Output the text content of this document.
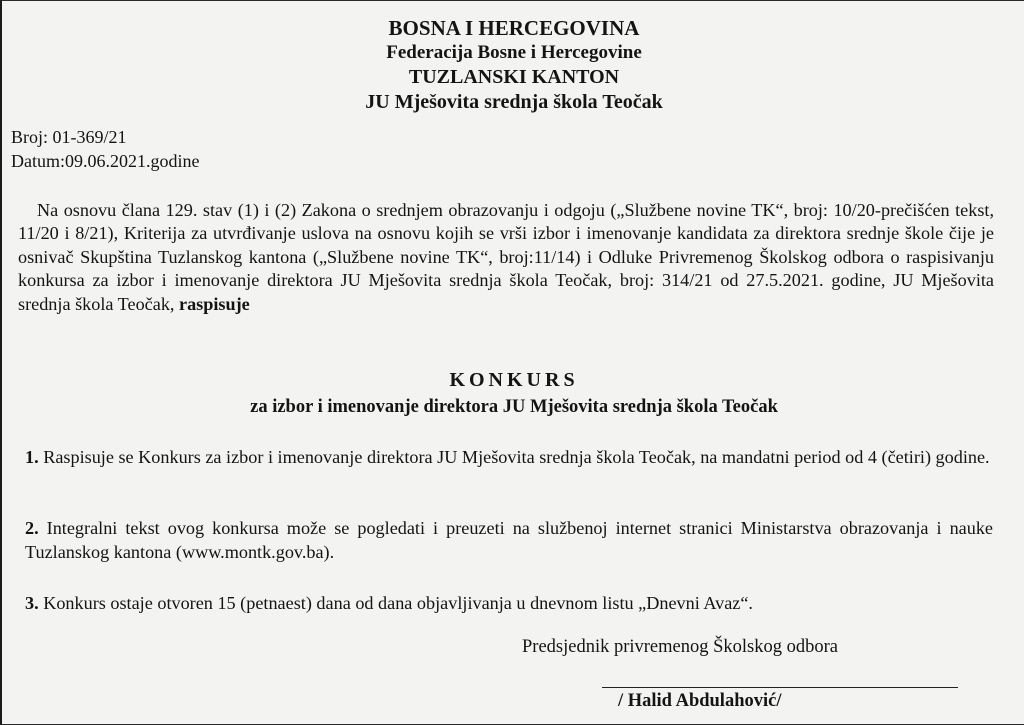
BOSNA I HERCEGOVINA
Federacija Bosne i Hercegovine
TUZLANSKI KANTON
JU Mješovita srednja škola Teočak
Broj: 01-369/21
Datum:09.06.2021.godine
Na osnovu člana 129. stav (1) i (2) Zakona o srednjem obrazovanju i odgoju („Službene novine TK“, broj: 10/20-prečišćen tekst, 11/20 i 8/21), Kriterija za utvrđivanje uslova na osnovu kojih se vrši izbor i imenovanje kandidata za direktora srednje škole čije je osnivač Skupština Tuzlanskog kantona („Službene novine TK“, broj:11/14) i Odluke Privremenog Školskog odbora o raspisivanju konkursa za izbor i imenovanje direktora JU Mješovita srednja škola Teočak, broj: 314/21 od 27.5.2021. godine, JU Mješovita srednja škola Teočak, raspisuje
KONKURS
za izbor i imenovanje direktora JU Mješovita srednja škola Teočak
1. Raspisuje se Konkurs za izbor i imenovanje direktora JU Mješovita srednja škola Teočak, na mandatni period od 4 (četiri) godine.
2. Integralni tekst ovog konkursa može se pogledati i preuzeti na službenoj internet stranici Ministarstva obrazovanja i nauke Tuzlanskog kantona (www.montk.gov.ba).
3. Konkurs ostaje otvoren 15 (petnaest) dana od dana objavljivanja u dnevnom listu „Dnevni Avaz“.
Predsjednik privremenog Školskog odbora
/ Halid Abdulahović/
